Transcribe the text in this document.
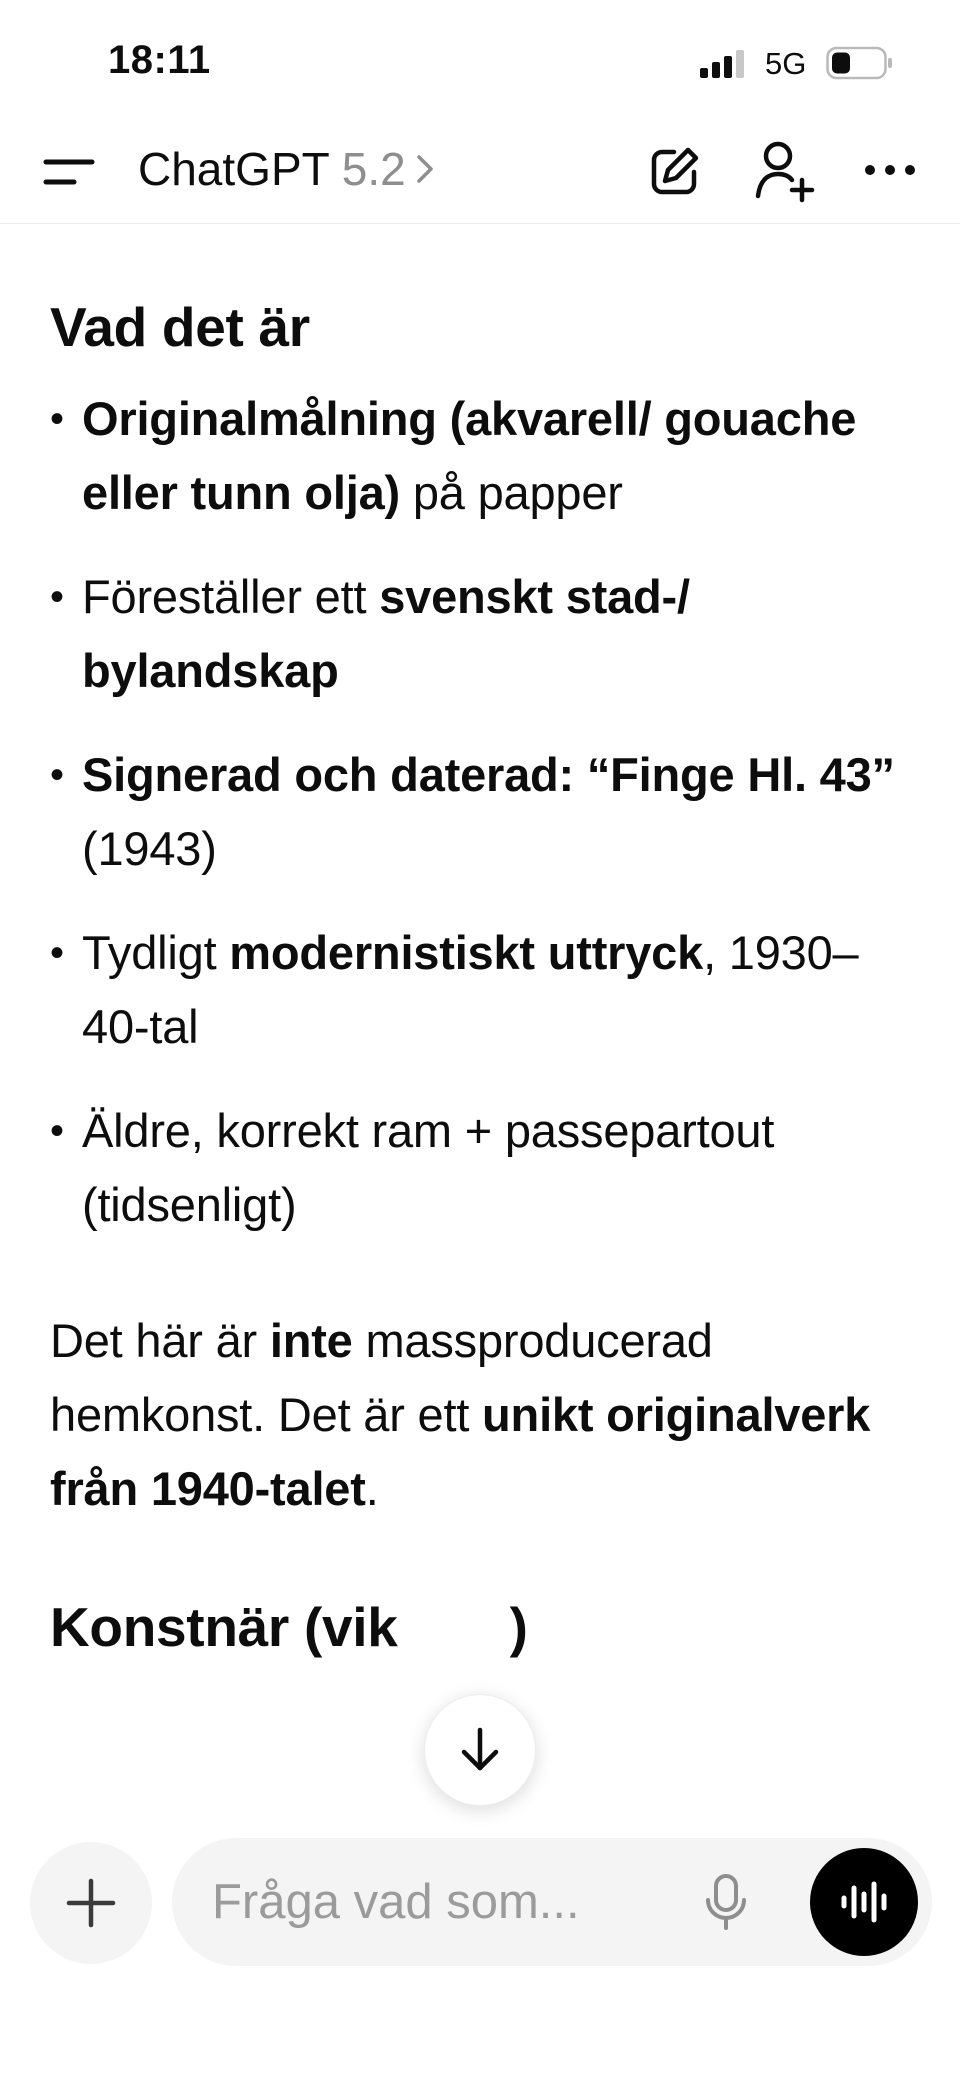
18:11	5G
ChatGPT 5.2
Vad det är
• Originalmålning (akvarell/ gouache eller tunn olja) på papper
• Föreställer ett svenskt stad-/ bylandskap
• Signerad och daterad: “Finge Hl. 43” (1943)
• Tydligt modernistiskt uttryck, 1930–40-tal
• Äldre, korrekt ram + passepartout (tidsenligt)

Det här är inte massproducerad hemkonst. Det är ett unikt originalverk från 1940-talet.

Konstnär (vik )
Fråga vad som...
